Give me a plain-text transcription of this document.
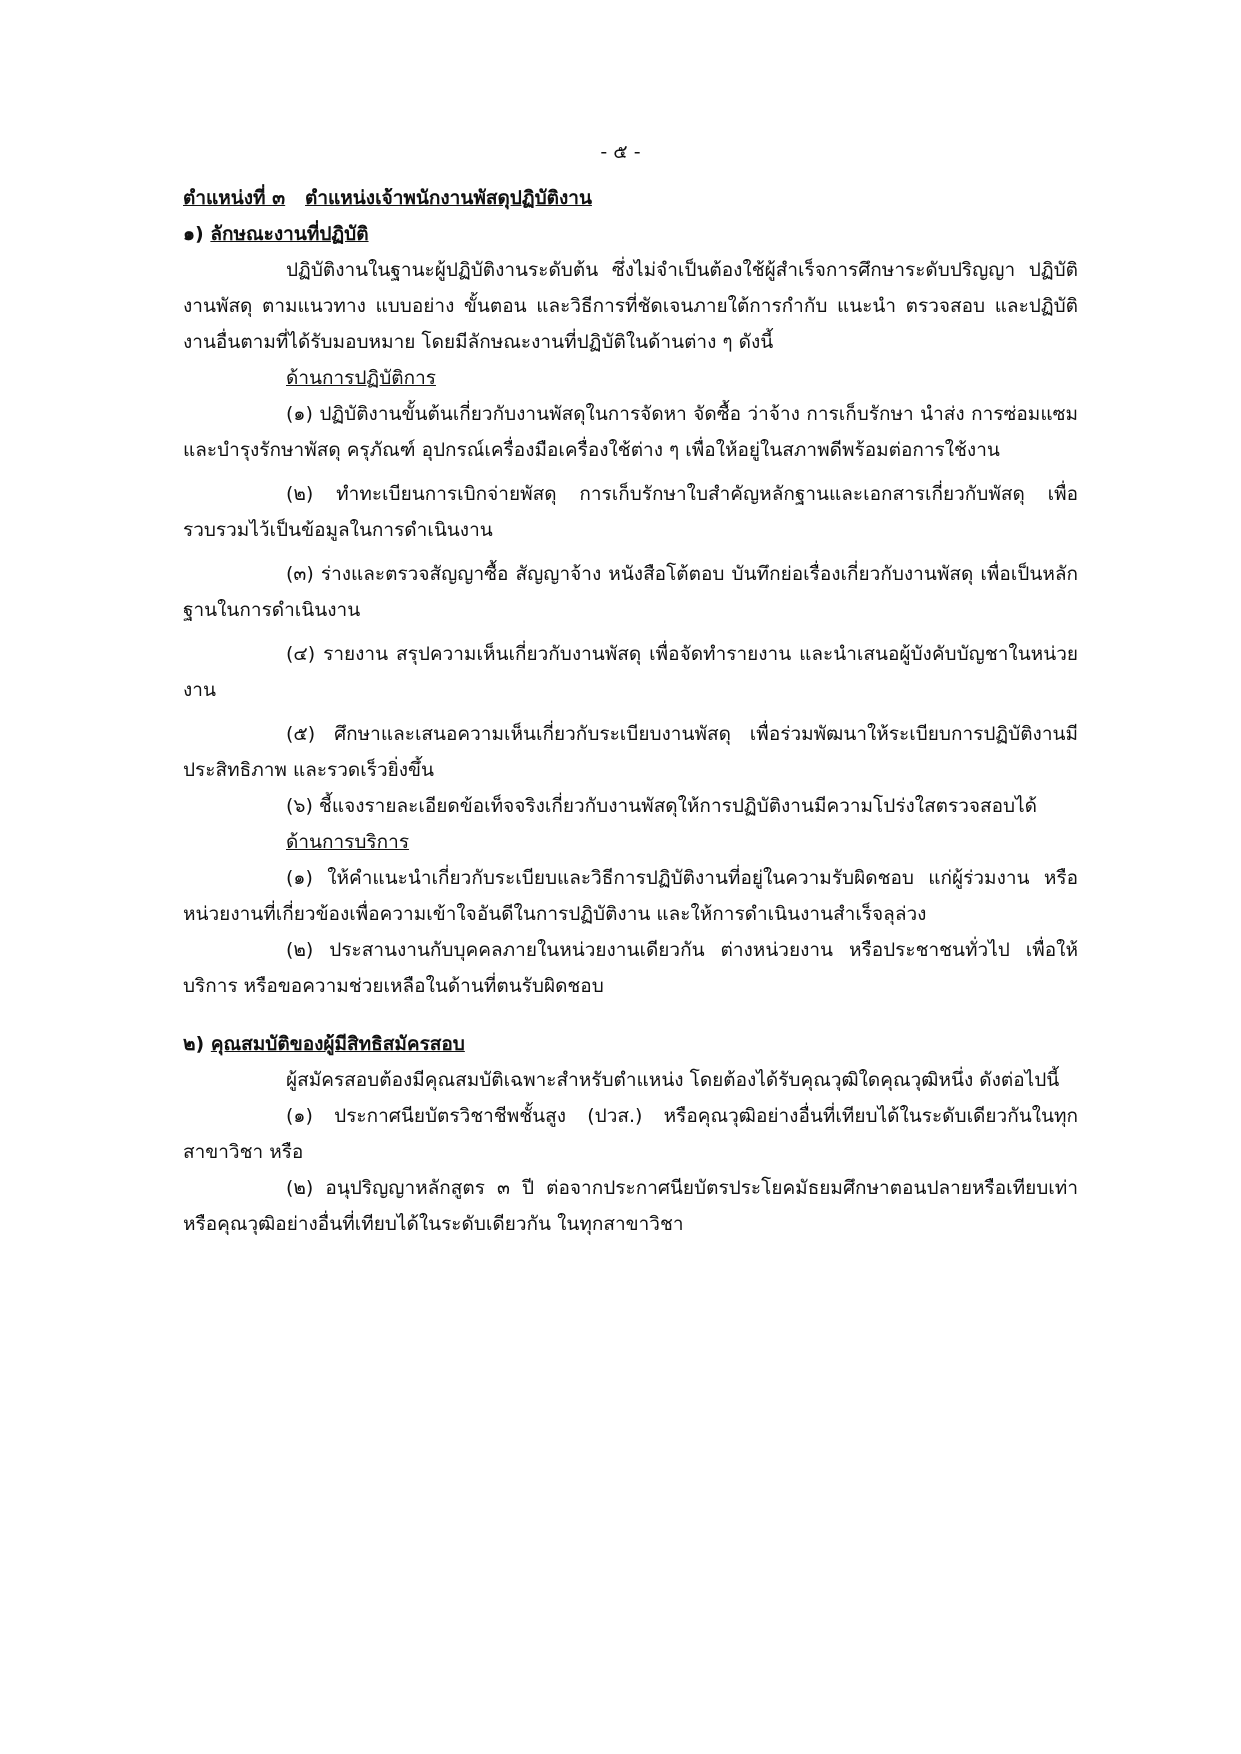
- ๕ -

ตำแหน่งที่ ๓ ตำแหน่งเจ้าพนักงานพัสดุปฏิบัติงาน

๑) ลักษณะงานที่ปฏิบัติ

ปฏิบัติงานในฐานะผู้ปฏิบัติงานระดับต้น ซึ่งไม่จำเป็นต้องใช้ผู้สำเร็จการศึกษาระดับปริญญา ปฏิบัติงานพัสดุ ตามแนวทาง แบบอย่าง ขั้นตอน และวิธีการที่ชัดเจนภายใต้การกำกับ แนะนำ ตรวจสอบ และปฏิบัติงานอื่นตามที่ได้รับมอบหมาย โดยมีลักษณะงานที่ปฏิบัติในด้านต่าง ๆ ดังนี้

ด้านการปฏิบัติการ

(๑) ปฏิบัติงานขั้นต้นเกี่ยวกับงานพัสดุในการจัดหา จัดซื้อ ว่าจ้าง การเก็บรักษา นำส่ง การซ่อมแซม และบำรุงรักษาพัสดุ ครุภัณฑ์ อุปกรณ์เครื่องมือเครื่องใช้ต่าง ๆ เพื่อให้อยู่ในสภาพดีพร้อมต่อการใช้งาน

(๒) ทำทะเบียนการเบิกจ่ายพัสดุ การเก็บรักษาใบสำคัญหลักฐานและเอกสารเกี่ยวกับพัสดุ เพื่อรวบรวมไว้เป็นข้อมูลในการดำเนินงาน

(๓) ร่างและตรวจสัญญาซื้อ สัญญาจ้าง หนังสือโต้ตอบ บันทึกย่อเรื่องเกี่ยวกับงานพัสดุ เพื่อเป็นหลักฐานในการดำเนินงาน

(๔) รายงาน สรุปความเห็นเกี่ยวกับงานพัสดุ เพื่อจัดทำรายงาน และนำเสนอผู้บังคับบัญชาในหน่วยงาน

(๕) ศึกษาและเสนอความเห็นเกี่ยวกับระเบียบงานพัสดุ เพื่อร่วมพัฒนาให้ระเบียบการปฏิบัติงานมีประสิทธิภาพ และรวดเร็วยิ่งขึ้น

(๖) ชี้แจงรายละเอียดข้อเท็จจริงเกี่ยวกับงานพัสดุให้การปฏิบัติงานมีความโปร่งใสตรวจสอบได้

ด้านการบริการ

(๑) ให้คำแนะนำเกี่ยวกับระเบียบและวิธีการปฏิบัติงานที่อยู่ในความรับผิดชอบ แก่ผู้ร่วมงาน หรือหน่วยงานที่เกี่ยวข้องเพื่อความเข้าใจอันดีในการปฏิบัติงาน และให้การดำเนินงานสำเร็จลุล่วง

(๒) ประสานงานกับบุคคลภายในหน่วยงานเดียวกัน ต่างหน่วยงาน หรือประชาชนทั่วไป เพื่อให้บริการ หรือขอความช่วยเหลือในด้านที่ตนรับผิดชอบ

๒) คุณสมบัติของผู้มีสิทธิสมัครสอบ

ผู้สมัครสอบต้องมีคุณสมบัติเฉพาะสำหรับตำแหน่ง โดยต้องได้รับคุณวุฒิใดคุณวุฒิหนึ่ง ดังต่อไปนี้

(๑) ประกาศนียบัตรวิชาชีพชั้นสูง (ปวส.) หรือคุณวุฒิอย่างอื่นที่เทียบได้ในระดับเดียวกันในทุกสาขาวิชา หรือ

(๒) อนุปริญญาหลักสูตร ๓ ปี ต่อจากประกาศนียบัตรประโยคมัธยมศึกษาตอนปลายหรือเทียบเท่า หรือคุณวุฒิอย่างอื่นที่เทียบได้ในระดับเดียวกัน ในทุกสาขาวิชา
